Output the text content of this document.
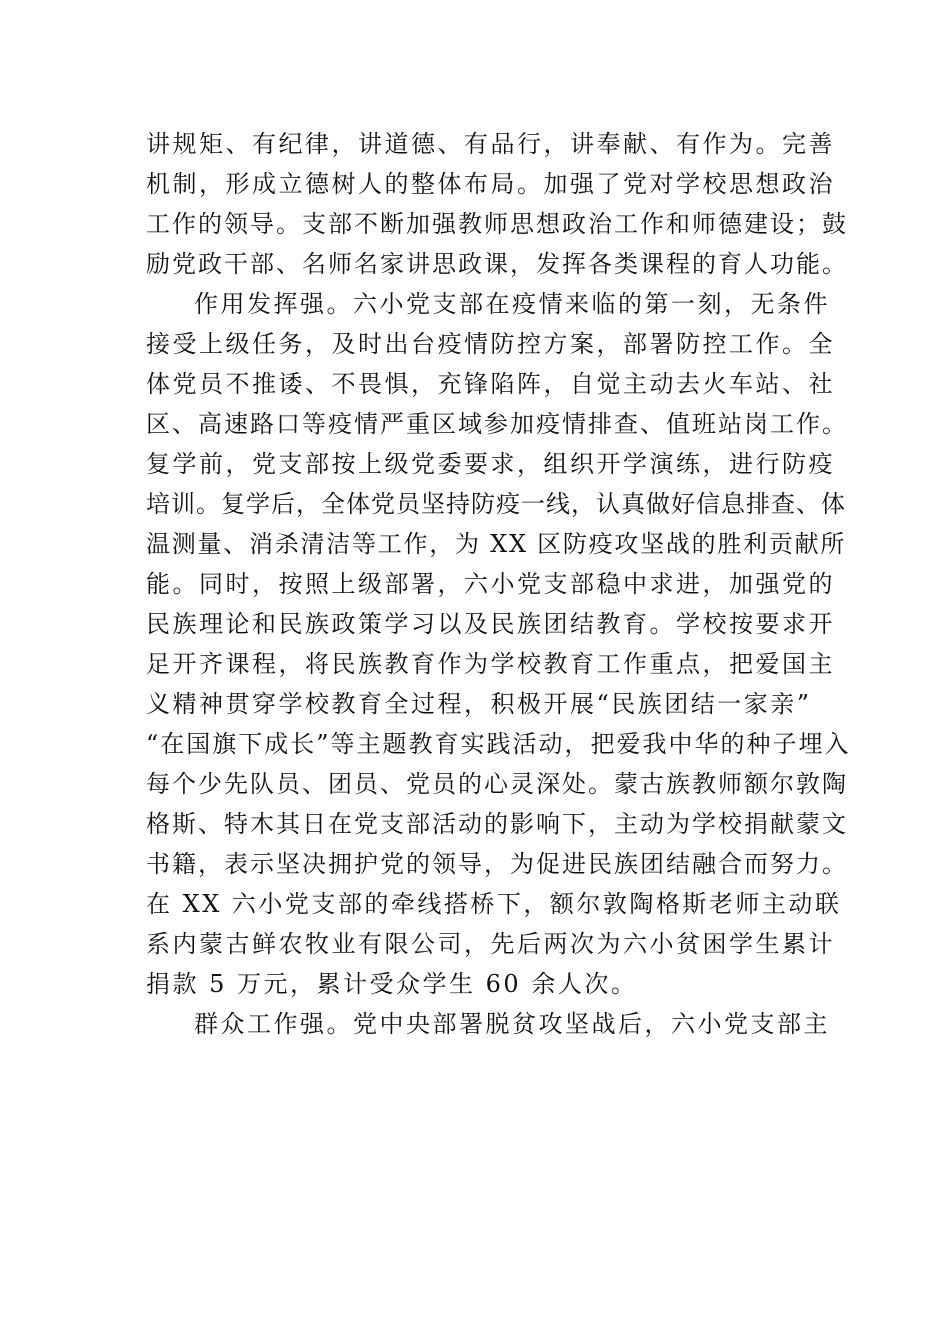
讲规矩、有纪律，讲道德、有品行，讲奉献、有作为。完善
机制，形成立德树人的整体布局。加强了党对学校思想政治
工作的领导。支部不断加强教师思想政治工作和师德建设；鼓
励党政干部、名师名家讲思政课，发挥各类课程的育人功能。
作用发挥强。六小党支部在疫情来临的第一刻，无条件
接受上级任务，及时出台疫情防控方案，部署防控工作。全
体党员不推诿、不畏惧，充锋陷阵，自觉主动去火车站、社
区、高速路口等疫情严重区域参加疫情排查、值班站岗工作。
复学前，党支部按上级党委要求，组织开学演练，进行防疫
培训。复学后，全体党员坚持防疫一线，认真做好信息排查、体
温测量、消杀清洁等工作，为 XX 区防疫攻坚战的胜利贡献所
能。同时，按照上级部署，六小党支部稳中求进，加强党的
民族理论和民族政策学习以及民族团结教育。学校按要求开
足开齐课程，将民族教育作为学校教育工作重点，把爱国主
义精神贯穿学校教育全过程，积极开展“民族团结一家亲”
“在国旗下成长”等主题教育实践活动，把爱我中华的种子埋入
每个少先队员、团员、党员的心灵深处。蒙古族教师额尔敦陶
格斯、特木其日在党支部活动的影响下，主动为学校捐献蒙文
书籍，表示坚决拥护党的领导，为促进民族团结融合而努力。
在 XX 六小党支部的牵线搭桥下，额尔敦陶格斯老师主动联
系内蒙古鲜农牧业有限公司，先后两次为六小贫困学生累计
捐款 5 万元，累计受众学生 60 余人次。
群众工作强。党中央部署脱贫攻坚战后，六小党支部主
